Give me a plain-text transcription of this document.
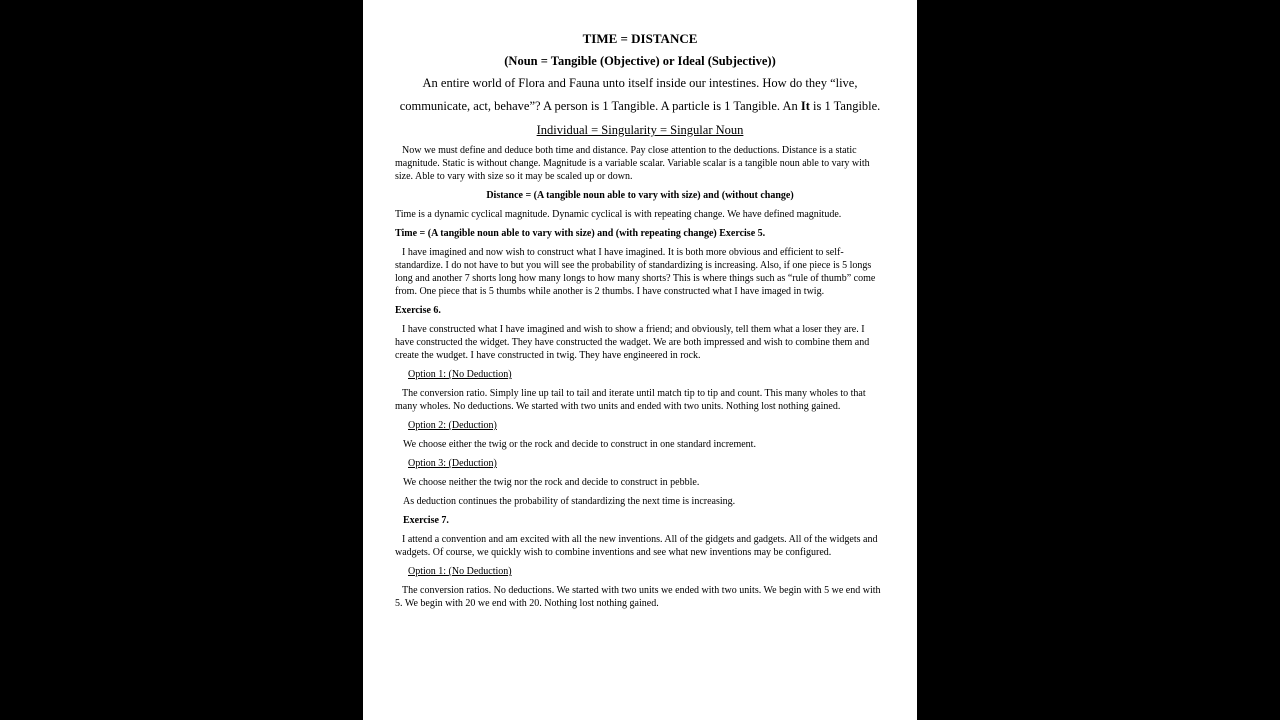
TIME = DISTANCE
(Noun = Tangible (Objective) or Ideal (Subjective))
An entire world of Flora and Fauna unto itself inside our intestines. How do they “live, communicate, act, behave”? A person is 1 Tangible. A particle is 1 Tangible. An It is 1 Tangible.
Individual = Singularity = Singular Noun

Now we must define and deduce both time and distance. Pay close attention to the deductions. Distance is a static magnitude. Static is without change. Magnitude is a variable scalar. Variable scalar is a tangible noun able to vary with size. Able to vary with size so it may be scaled up or down.

Distance = (A tangible noun able to vary with size) and (without change)

Time is a dynamic cyclical magnitude. Dynamic cyclical is with repeating change. We have defined magnitude.

Time = (A tangible noun able to vary with size) and (with repeating change) Exercise 5.

I have imagined and now wish to construct what I have imagined. It is both more obvious and efficient to self-standardize. I do not have to but you will see the probability of standardizing is increasing. Also, if one piece is 5 longs long and another 7 shorts long how many longs to how many shorts? This is where things such as “rule of thumb” come from. One piece that is 5 thumbs while another is 2 thumbs. I have constructed what I have imaged in twig.

Exercise 6.

I have constructed what I have imagined and wish to show a friend; and obviously, tell them what a loser they are. I have constructed the widget. They have constructed the wadget. We are both impressed and wish to combine them and create the wudget. I have constructed in twig. They have engineered in rock.

Option 1: (No Deduction)

The conversion ratio. Simply line up tail to tail and iterate until match tip to tip and count. This many wholes to that many wholes. No deductions. We started with two units and ended with two units. Nothing lost nothing gained.

Option 2: (Deduction)

We choose either the twig or the rock and decide to construct in one standard increment.

Option 3: (Deduction)

We choose neither the twig nor the rock and decide to construct in pebble.

As deduction continues the probability of standardizing the next time is increasing.

Exercise 7.

I attend a convention and am excited with all the new inventions. All of the gidgets and gadgets. All of the widgets and wadgets. Of course, we quickly wish to combine inventions and see what new inventions may be configured.

Option 1: (No Deduction)

The conversion ratios. No deductions. We started with two units we ended with two units. We begin with 5 we end with 5. We begin with 20 we end with 20. Nothing lost nothing gained.
